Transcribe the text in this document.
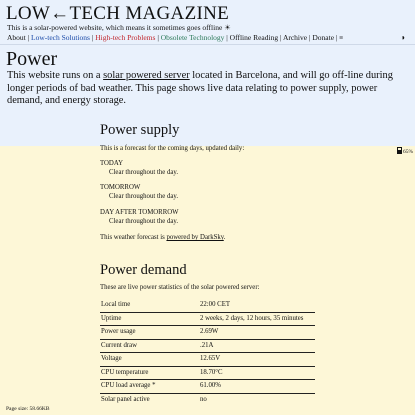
LOW←TECH MAGAZINE
This is a solar-powered website, which means it sometimes goes offline ☀
About | Low-tech Solutions | High-tech Problems | Obsolete Technology | Offline Reading | Archive | Donate | ≡	◑
Power
This website runs on a solar powered server located in Barcelona, and will go off-line during longer periods of bad weather. This page shows live data relating to power supply, power demand, and energy storage.
65%
Power supply
This is a forecast for the coming days, updated daily:
TODAY
Clear throughout the day.
TOMORROW
Clear throughout the day.
DAY AFTER TOMORROW
Clear throughout the day.
This weather forecast is powered by DarkSky.
Power demand
These are live power statistics of the solar powered server:
Local time	22:00 CET
Uptime	2 weeks, 2 days, 12 hours, 35 minutes
Power usage	2.69W
Current draw	.21A
Voltage	12.65V
CPU temperature	18.70°C
CPU load average *	61.00%
Solar panel active	no
Page size: 58.66KB
